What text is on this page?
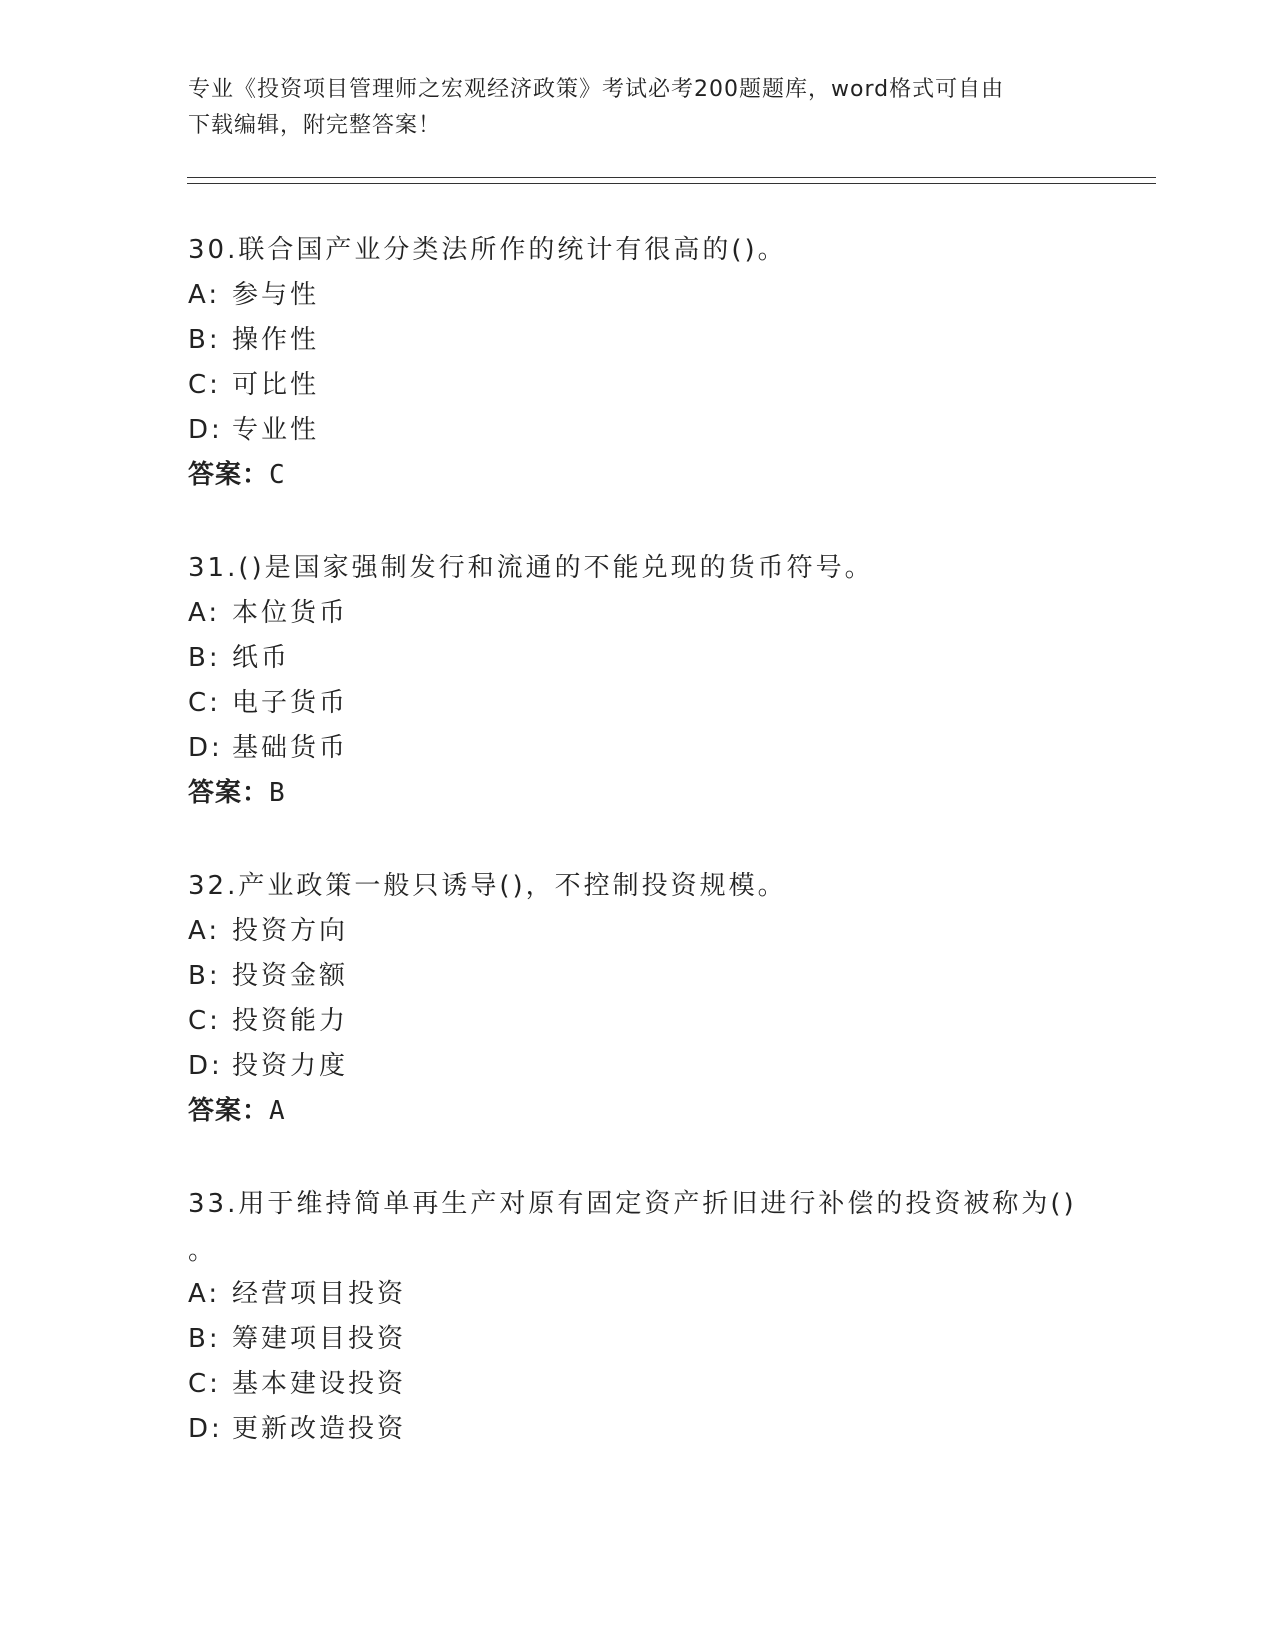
专业《投资项目管理师之宏观经济政策》考试必考200题题库，word格式可自由
下载编辑，附完整答案！
30.联合国产业分类法所作的统计有很高的()。
A: 参与性
B: 操作性
C: 可比性
D: 专业性
答案：C
31.()是国家强制发行和流通的不能兑现的货币符号。
A: 本位货币
B: 纸币
C: 电子货币
D: 基础货币
答案：B
32.产业政策一般只诱导()，不控制投资规模。
A: 投资方向
B: 投资金额
C: 投资能力
D: 投资力度
答案：A
33.用于维持简单再生产对原有固定资产折旧进行补偿的投资被称为()
。
A: 经营项目投资
B: 筹建项目投资
C: 基本建设投资
D: 更新改造投资
